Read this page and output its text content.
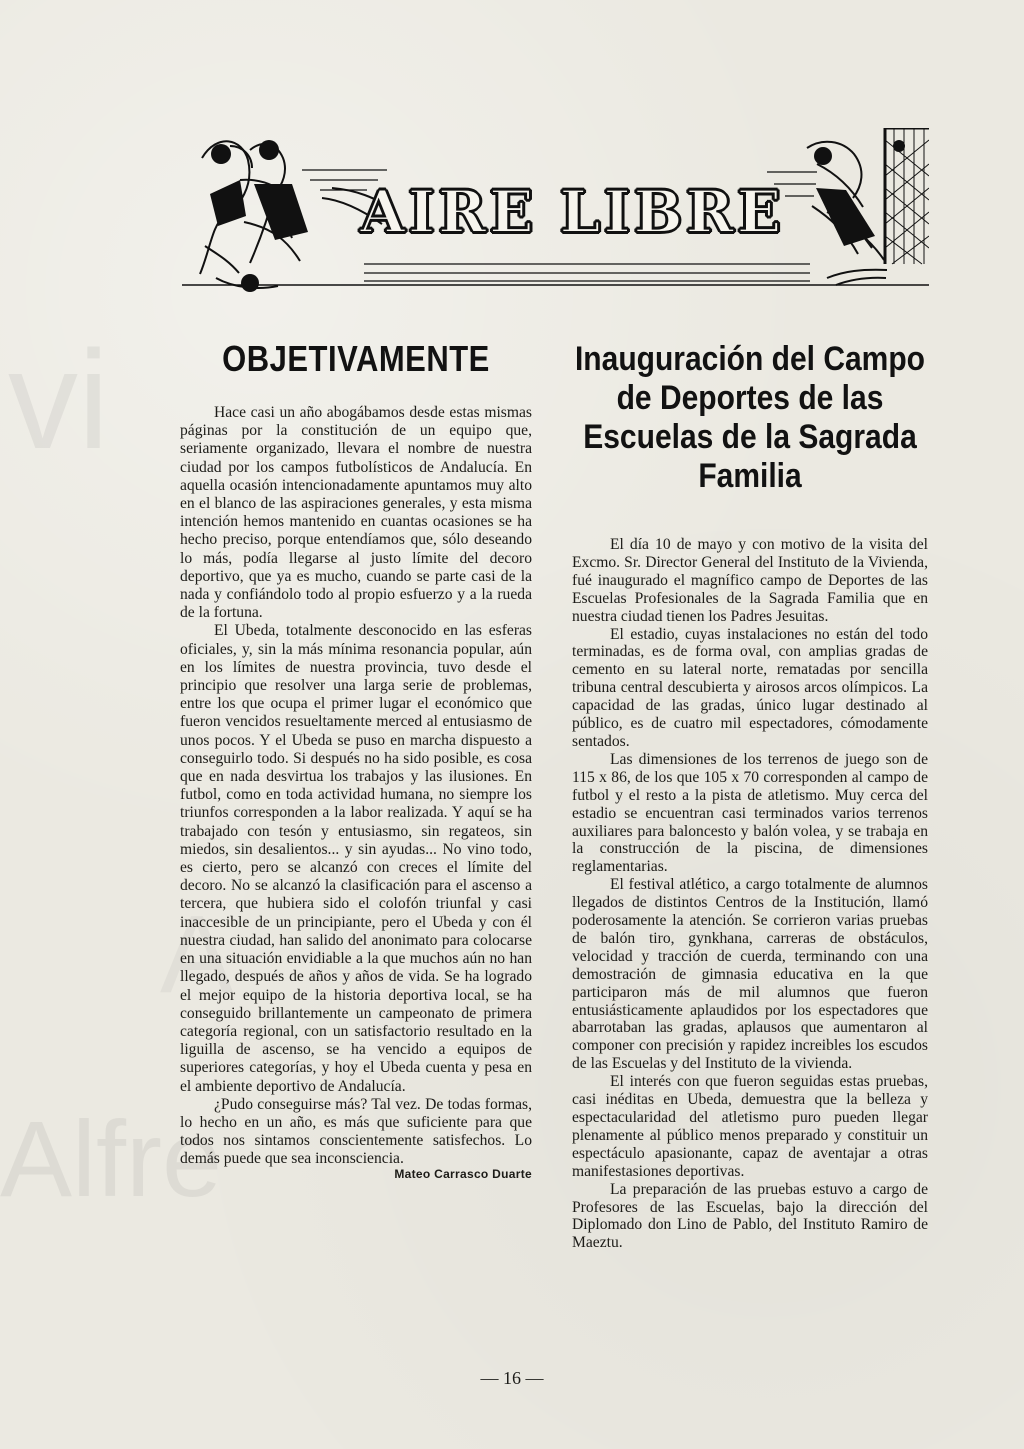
AIRE LIBRE
OBJETIVAMENTE

Hace casi un año abogábamos desde estas mismas páginas por la constitución de un equipo que, seriamente organizado, llevara el nombre de nuestra ciudad por los campos futbolísticos de Andalucía. En aquella ocasión intencionadamente apuntamos muy alto en el blanco de las aspiraciones generales, y esta misma intención hemos mantenido en cuantas ocasiones se ha hecho preciso, porque entendíamos que, sólo deseando lo más, podía llegarse al justo límite del decoro deportivo, que ya es mucho, cuando se parte casi de la nada y confiándolo todo al propio esfuerzo y a la rueda de la fortuna.

El Ubeda, totalmente desconocido en las esferas oficiales, y, sin la más mínima resonancia popular, aún en los límites de nuestra provincia, tuvo desde el principio que resolver una larga serie de problemas, entre los que ocupa el primer lugar el económico que fueron vencidos resueltamente merced al entusiasmo de unos pocos. Y el Ubeda se puso en marcha dispuesto a conseguirlo todo. Si después no ha sido posible, es cosa que en nada desvirtua los trabajos y las ilusiones. En futbol, como en toda actividad humana, no siempre los triunfos corresponden a la labor realizada. Y aquí se ha trabajado con tesón y entusiasmo, sin regateos, sin miedos, sin desalientos... y sin ayudas... No vino todo, es cierto, pero se alcanzó con creces el límite del decoro. No se alcanzó la clasificación para el ascenso a tercera, que hubiera sido el colofón triunfal y casi inaccesible de un principiante, pero el Ubeda y con él nuestra ciudad, han salido del anonimato para colocarse en una situación envidiable a la que muchos aún no han llegado, después de años y años de vida. Se ha logrado el mejor equipo de la historia deportiva local, se ha conseguido brillantemente un campeonato de primera categoría regional, con un satisfactorio resultado en la liguilla de ascenso, se ha vencido a equipos de superiores categorías, y hoy el Ubeda cuenta y pesa en el ambiente deportivo de Andalucía.

¿Pudo conseguirse más? Tal vez. De todas formas, lo hecho en un año, es más que suficiente para que todos nos sintamos conscientemente satisfechos. Lo demás puede que sea inconsciencia.

Mateo Carrasco Duarte
Inauguración del Campo de Deportes de las Escuelas de la Sagrada Familia

El día 10 de mayo y con motivo de la visita del Excmo. Sr. Director General del Instituto de la Vivienda, fué inaugurado el magnífico campo de Deportes de las Escuelas Profesionales de la Sagrada Familia que en nuestra ciudad tienen los Padres Jesuitas.

El estadio, cuyas instalaciones no están del todo terminadas, es de forma oval, con amplias gradas de cemento en su lateral norte, rematadas por sencilla tribuna central descubierta y airosos arcos olímpicos. La capacidad de las gradas, único lugar destinado al público, es de cuatro mil espectadores, cómodamente sentados.

Las dimensiones de los terrenos de juego son de 115 x 86, de los que 105 x 70 corresponden al campo de futbol y el resto a la pista de atletismo. Muy cerca del estadio se encuentran casi terminados varios terrenos auxiliares para baloncesto y balón volea, y se trabaja en la construcción de la piscina, de dimensiones reglamentarias.

El festival atlético, a cargo totalmente de alumnos llegados de distintos Centros de la Institución, llamó poderosamente la atención. Se corrieron varias pruebas de balón tiro, gynkhana, carreras de obstáculos, velocidad y tracción de cuerda, terminando con una demostración de gimnasia educativa en la que participaron más de mil alumnos que fueron entusiásticamente aplaudidos por los espectadores que abarrotaban las gradas, aplausos que aumentaron al componer con precisión y rapidez increibles los escudos de las Escuelas y del Instituto de la vivienda.

El interés con que fueron seguidas estas pruebas, casi inéditas en Ubeda, demuestra que la belleza y espectacularidad del atletismo puro pueden llegar plenamente al público menos preparado y constituir un espectáculo apasionante, capaz de aventajar a otras manifestasiones deportivas.

La preparación de las pruebas estuvo a cargo de Profesores de las Escuelas, bajo la dirección del Diplomado don Lino de Pablo, del Instituto Ramiro de Maeztu.

— 16 —
